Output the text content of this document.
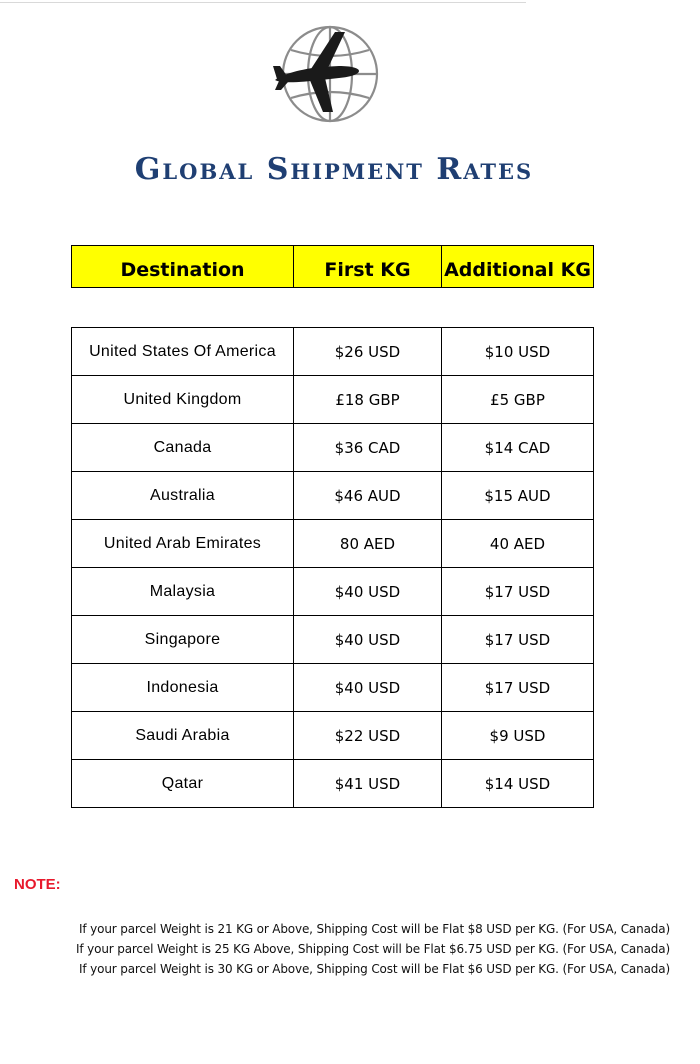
Global Shipment Rates
Destination	First KG	Additional KG
United States Of America	$26 USD	$10 USD
United Kingdom	£18 GBP	£5 GBP
Canada	$36 CAD	$14 CAD
Australia	$46 AUD	$15 AUD
United Arab Emirates	80 AED	40 AED
Malaysia	$40 USD	$17 USD
Singapore	$40 USD	$17 USD
Indonesia	$40 USD	$17 USD
Saudi Arabia	$22 USD	$9 USD
Qatar	$41 USD	$14 USD
NOTE:
If your parcel Weight is 21 KG or Above, Shipping Cost will be Flat $8 USD per KG. (For USA, Canada)
If your parcel Weight is 25 KG Above, Shipping Cost will be Flat $6.75 USD per KG. (For USA, Canada)
If your parcel Weight is 30 KG or Above, Shipping Cost will be Flat $6 USD per KG. (For USA, Canada)
